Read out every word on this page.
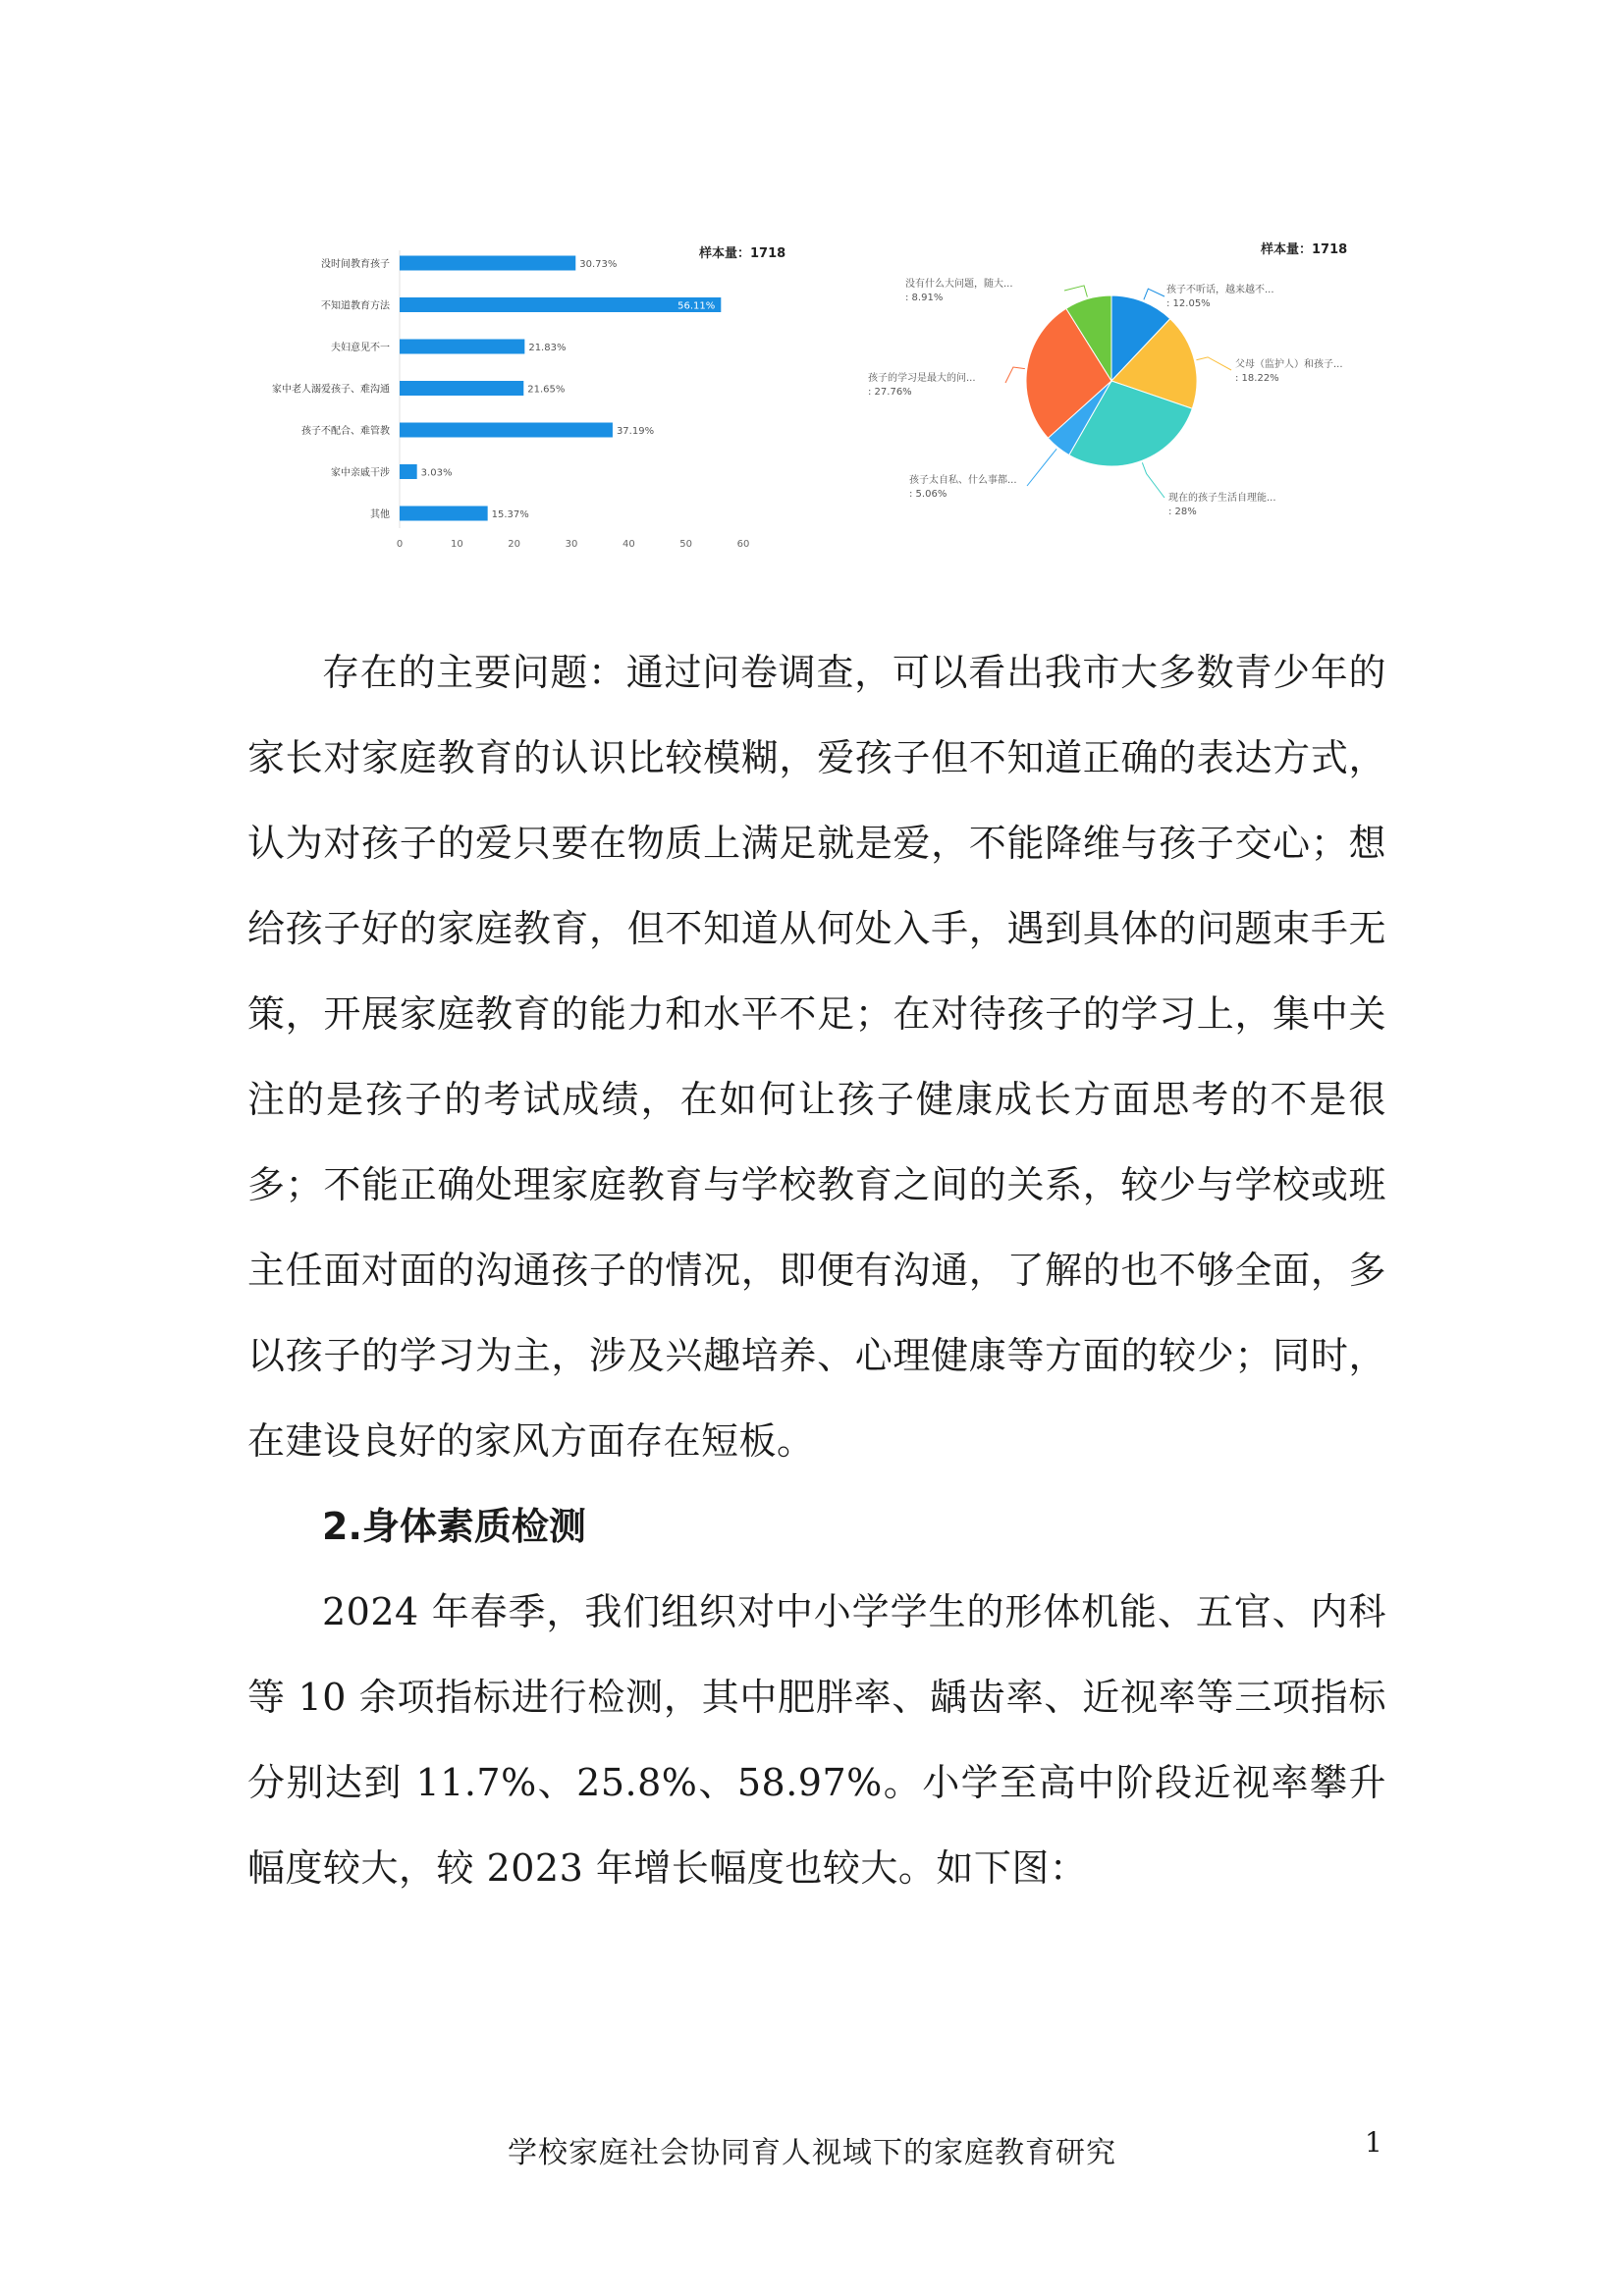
样本量：1718
没时间教育孩子	30.73%
不知道教育方法	56.11%
夫妇意见不一	21.83%
家中老人溺爱孩子、难沟通	21.65%
孩子不配合、难管教	37.19%
家中亲戚干涉	3.03%
其他	15.37%
0	10	20	30	40	50	60
样本量：1718
孩子不听话，越来越不...
: 12.05%
父母（监护人）和孩子...
: 18.22%
现在的孩子生活自理能...
: 28%
孩子太自私、什么事都...
: 5.06%
孩子的学习是最大的问...
: 27.76%
没有什么大问题，随大...
: 8.91%

存在的主要问题：通过问卷调查，可以看出我市大多数青少年的家长对家庭教育的认识比较模糊，爱孩子但不知道正确的表达方式，认为对孩子的爱只要在物质上满足就是爱，不能降维与孩子交心；想给孩子好的家庭教育，但不知道从何处入手，遇到具体的问题束手无策，开展家庭教育的能力和水平不足；在对待孩子的学习上，集中关注的是孩子的考试成绩，在如何让孩子健康成长方面思考的不是很多；不能正确处理家庭教育与学校教育之间的关系，较少与学校或班主任面对面的沟通孩子的情况，即便有沟通，了解的也不够全面，多以孩子的学习为主，涉及兴趣培养、心理健康等方面的较少；同时，在建设良好的家风方面存在短板。

2.身体素质检测

2024 年春季，我们组织对中小学学生的形体机能、五官、内科等 10 余项指标进行检测，其中肥胖率、龋齿率、近视率等三项指标分别达到 11.7%、25.8%、58.97%。小学至高中阶段近视率攀升幅度较大，较 2023 年增长幅度也较大。如下图：

学校家庭社会协同育人视域下的家庭教育研究	1
